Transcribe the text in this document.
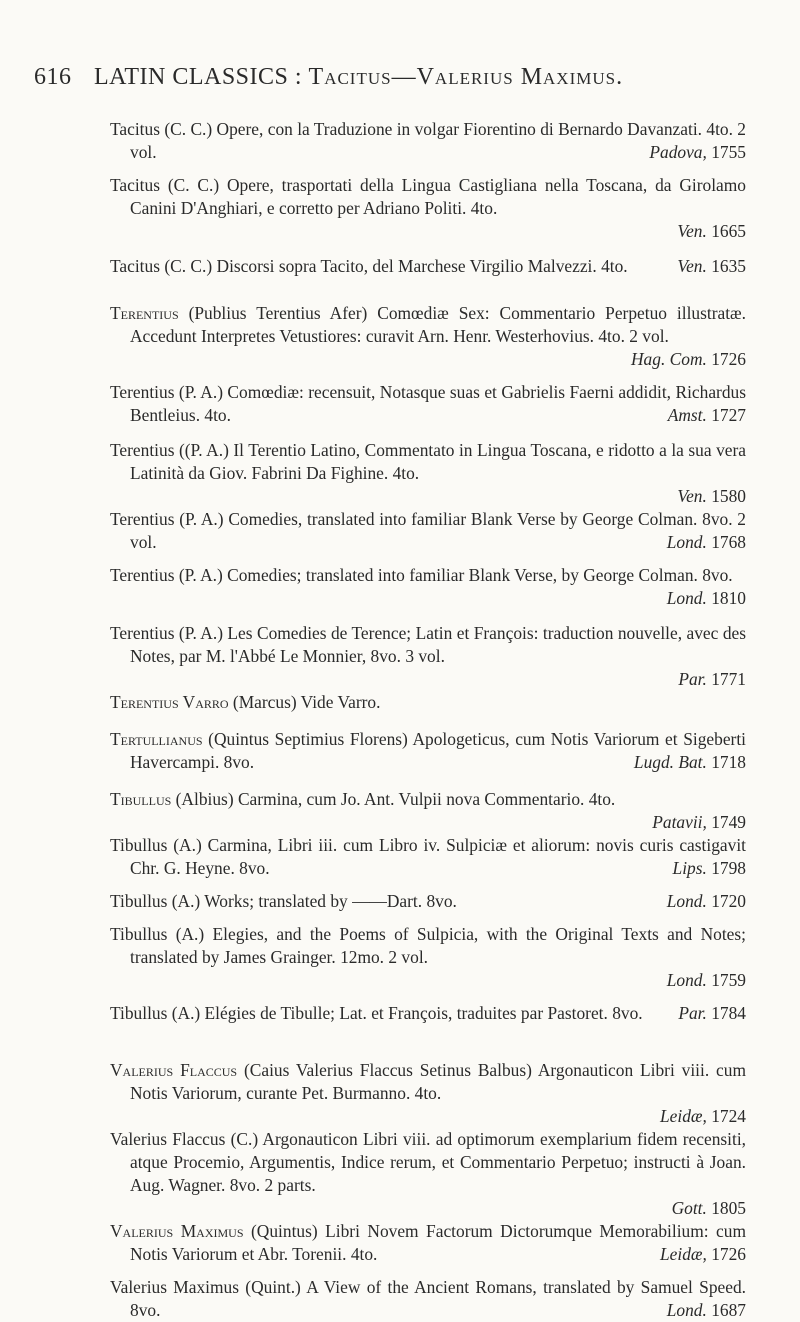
616 LATIN CLASSICS : Tacitus—Valerius Maximus.
Tacitus (C. C.) Opere, con la Traduzione in volgar Fiorentino di Bernardo Davanzati. 4to. 2 vol.	Padova, 1755
Tacitus (C. C.) Opere, trasportati della Lingua Castigliana nella Toscana, da Girolamo Canini D'Anghiari, e corretto per Adriano Politi. 4to.
Ven. 1665
Tacitus (C. C.) Discorsi sopra Tacito, del Marchese Virgilio Malvezzi. 4to.	Ven. 1635
Terentius (Publius Terentius Afer) Comœdiæ Sex: Commentario Perpetuo illustratæ. Accedunt Interpretes Vetustiores: curavit Arn. Henr. Westerhovius. 4to. 2 vol.
Hag. Com. 1726
Terentius (P. A.) Comœdiæ: recensuit, Notasque suas et Gabrielis Faerni addidit, Richardus Bentleius. 4to.	Amst. 1727
Terentius ((P. A.) Il Terentio Latino, Commentato in Lingua Toscana, e ridotto a la sua vera Latinità da Giov. Fabrini Da Fighine. 4to.
Ven. 1580
Terentius (P. A.) Comedies, translated into familiar Blank Verse by George Colman. 8vo. 2 vol.	Lond. 1768
Terentius (P. A.) Comedies; translated into familiar Blank Verse, by George Colman. 8vo.
Lond. 1810
Terentius (P. A.) Les Comedies de Terence; Latin et François: traduction nouvelle, avec des Notes, par M. l'Abbé Le Monnier, 8vo. 3 vol.
Par. 1771
Terentius Varro (Marcus) Vide Varro.
Tertullianus (Quintus Septimius Florens) Apologeticus, cum Notis Variorum et Sigeberti Havercampi. 8vo.	Lugd. Bat. 1718
Tibullus (Albius) Carmina, cum Jo. Ant. Vulpii nova Commentario. 4to.
Patavii, 1749
Tibullus (A.) Carmina, Libri iii. cum Libro iv. Sulpiciæ et aliorum: novis curis castigavit Chr. G. Heyne. 8vo.	Lips. 1798
Tibullus (A.) Works; translated by ——Dart. 8vo.	Lond. 1720
Tibullus (A.) Elegies, and the Poems of Sulpicia, with the Original Texts and Notes; translated by James Grainger. 12mo. 2 vol.
Lond. 1759
Tibullus (A.) Elégies de Tibulle; Lat. et François, traduites par Pastoret. 8vo. Par. 1784
Valerius Flaccus (Caius Valerius Flaccus Setinus Balbus) Argonauticon Libri viii. cum Notis Variorum, curante Pet. Burmanno. 4to.
Leidæ, 1724
Valerius Flaccus (C.) Argonauticon Libri viii. ad optimorum exemplarium fidem recensiti, atque Procemio, Argumentis, Indice rerum, et Commentario Perpetuo; instructi à Joan. Aug. Wagner. 8vo. 2 parts.
Gott. 1805
Valerius Maximus (Quintus) Libri Novem Factorum Dictorumque Memorabilium: cum Notis Variorum et Abr. Torenii. 4to.	Leidæ, 1726
Valerius Maximus (Quint.) A View of the Ancient Romans, translated by Samuel Speed. 8vo.	Lond. 1687
